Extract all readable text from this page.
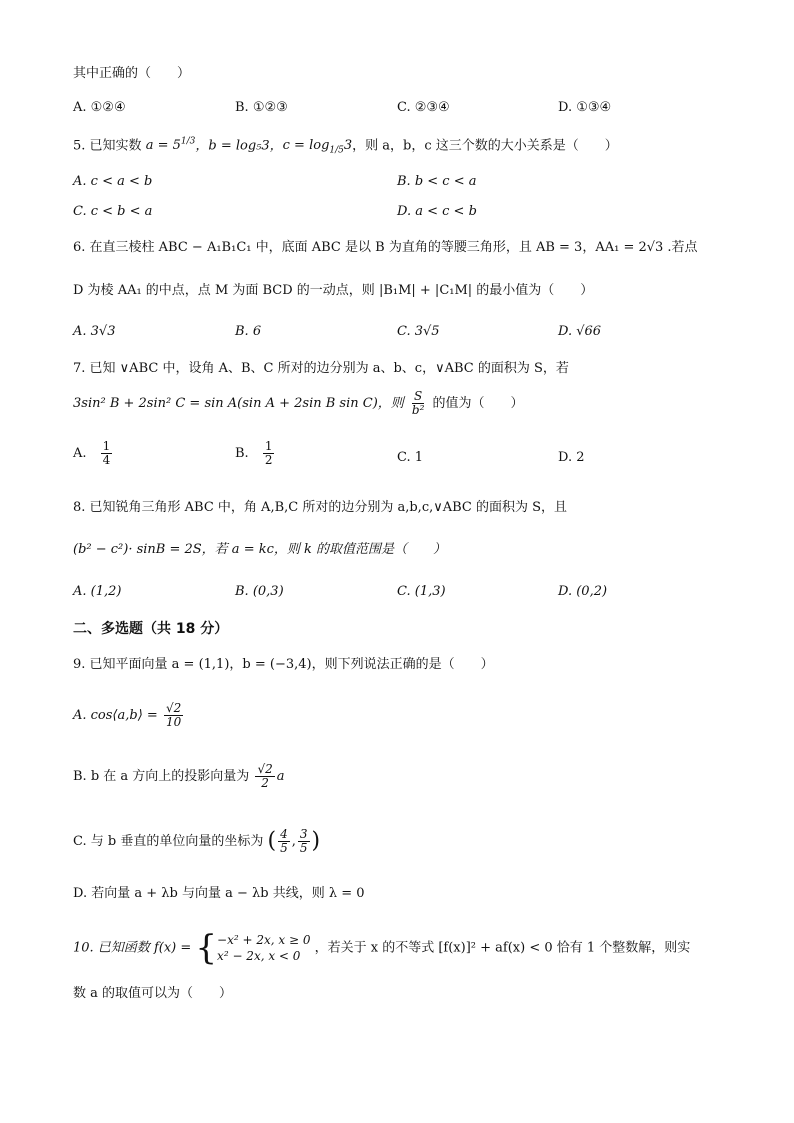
其中正确的（　　）
A. ①②④	B. ①②③	C. ②③④	D. ①③④
5. 已知实数 $a = 5^{1/3}$，b = log₅3，$c = \log_{1/5}3$，则 a，b，c 这三个数的大小关系是（　　）
A. c < a < b	B. b < c < a
C. c < b < a	D. a < c < b
6. 在直三棱柱 ABC − A₁B₁C₁ 中，底面 ABC 是以 B 为直角的等腰三角形，且 AB = 3，AA₁ = 2√3 .若点
D 为棱 AA₁ 的中点，点 M 为面 BCD 的一动点，则 |B₁M| + |C₁M| 的最小值为（　　）
A. 3√3	B. 6	C. 3√5	D. √66
7. 已知 ∨ABC 中，设角 A、B、C 所对的边分别为 a、b、c，∨ABC 的面积为 S，若
3sin² B + 2sin² C = sin A(sin A + 2sin B sin C)，则 $\frac{S}{\text{b²}}$ 的值为（　　）
A. $\frac{1}{4}$	B. $\frac{1}{2}$	C. 1	D. 2
8. 已知锐角三角形 ABC 中，角 A,B,C 所对的边分别为 a,b,c,∨ABC 的面积为 S，且
(b² − c²)· sinB = 2S，若 a = kc，则 k 的取值范围是（　　）
A. (1,2)	B. (0,3)	C. (1,3)	D. (0,2)
二、多选题（共 18 分）
9. 已知平面向量 a = (1,1)，b = (−3,4)，则下列说法正确的是（　　）
A. cos⟨a,b⟩ = $\frac{√2}{10}$
B. b 在 a 方向上的投影向量为 $\frac{√2}{2}$ a
C. 与 b 垂直的单位向量的坐标为 ( $\frac{4}{5}$ , $\frac{3}{5}$ )
D. 若向量 a + λb 与向量 a − λb 共线，则 λ = 0
10. 已知函数 f(x) = { −x² + 2x, x ≥ 0
x² − 2x, x < 0
，若关于 x 的不等式 [f(x)]² + af(x) < 0 恰有 1 个整数解，则实
数 a 的取值可以为（　　）
